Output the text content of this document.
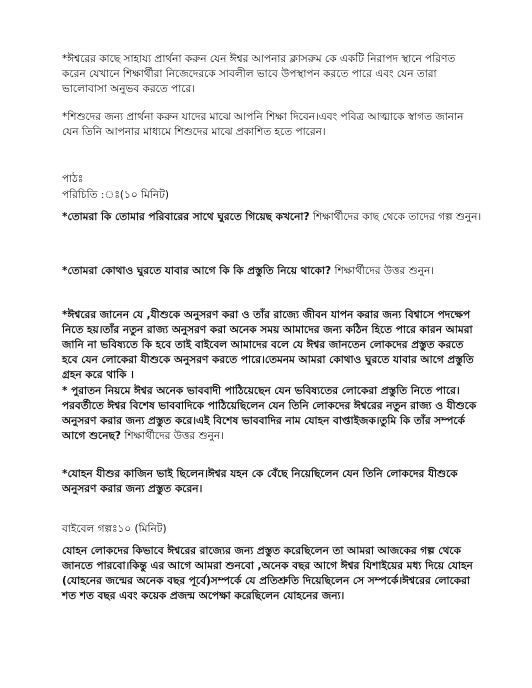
*ঈশ্বরের কাছে সাহায্য প্রার্থনা করুন যেন ঈশ্বর আপনার ক্লাসরুম কে একটি নিরাপদ স্থানে পরিণত করেন যেখানে শিক্ষার্থীরা নিজেদেরকে সাবলীল ভাবে উপস্থাপন করতে পারে এবং যেন তারা ভালোবাসা অনুভব করতে পারে।

*শিশুদের জন্য প্রার্থনা করুন যাদের মাঝে আপনি শিক্ষা দিবেন।এবং পবিত্র আত্মাকে স্বাগত জানান যেন তিনি আপনার মাধ্যমে শিশুদের মাঝে প্রকাশিত হতে পারেন।

পাঠঃ

পরিচিতি :ঃ(১০ মিনিট)

*তোমরা কি তোমার পরিবারের সাথে ঘুরতে গিয়েছ কখনো? শিক্ষার্থীদের কাছ থেকে তাদের গল্প শুনুন।

*তোমরা কোথাও ঘুরতে যাবার আগে কি কি প্রস্তুতি নিয়ে থাকো? শিক্ষার্থীদের উত্তর শুনুন।

*ঈশ্বরের জানেন যে ,যীশুকে অনুসরণ করা ও তাঁর রাজ্যে জীবন যাপন করার জন্য বিশ্বাসে পদক্ষেপ নিতে হয়।তাঁর নতুন রাজ্য অনুসরণ করা অনেক সময় আমাদের জন্য কঠিন হিতে পারে কারন আমরা জানি না ভবিষ্যতে কি হবে তাই বাইবেল আমাদের বলে যে ঈশ্বর জানতেন লোকদের প্রস্তুত করতে হবে যেন লোকেরা যীশুকে অনুসরণ করতে পারে।তেমনম আমরা কোথাও ঘুরতে যাবার আগে প্রস্তুতি গ্রহন করে থাকি ।

* পুরাতন নিয়মে ঈশ্বর অনেক ভাববাদী পাঠিয়েছেন যেন ভবিষ্যতের লোকেরা প্রস্তুতি নিতে পারে।পরবর্তীতে ঈশ্বর বিশেষ ভাববাদিকে পাঠিয়েছিলেন যেন তিনি লোকদের ঈশ্বরের নতুন রাজ্য ও যীশুকে অনুসরণ করার জন্য প্রস্তুত করে।এই বিশেষ ভাববাদির নাম যোহন বাপ্তাইজক।তুমি কি তাঁর সম্পর্কে আগে শুনেছ? শিক্ষার্থীদের উত্তর শুনুন।

*যোহন যীশুর কাজিন ভাই ছিলেন।ঈশ্বর যহন কে বেঁছে নিয়েছিলেন যেন তিনি লোকদের যীশুকে অনুসরণ করার জন্য প্রস্তুত করেন।

বাইবেল গল্পঃ১০ (মিনিট)

যোহন লোকদের কিভাবে ঈশ্বরের রাজ্যের জন্য প্রস্তুত করেছিলেন তা আমরা আজকের গল্প থেকে জানতে পারবো।কিন্তু এর আগে আমরা শুনবো ,অনেক বছর আগে ঈশ্বর যিশাইয়ের মধ্য দিয়ে যোহন (যোহনের জন্মের অনেক বছর পূর্বে)সম্পর্কে যে প্রতিশ্রুতি দিয়েছিলেন সে সম্পর্কে।ঈশ্বরের লোকেরা শত শত বছর এবং কয়েক প্রজন্ম অপেক্ষা করেছিলেন যোহনের জন্য।
